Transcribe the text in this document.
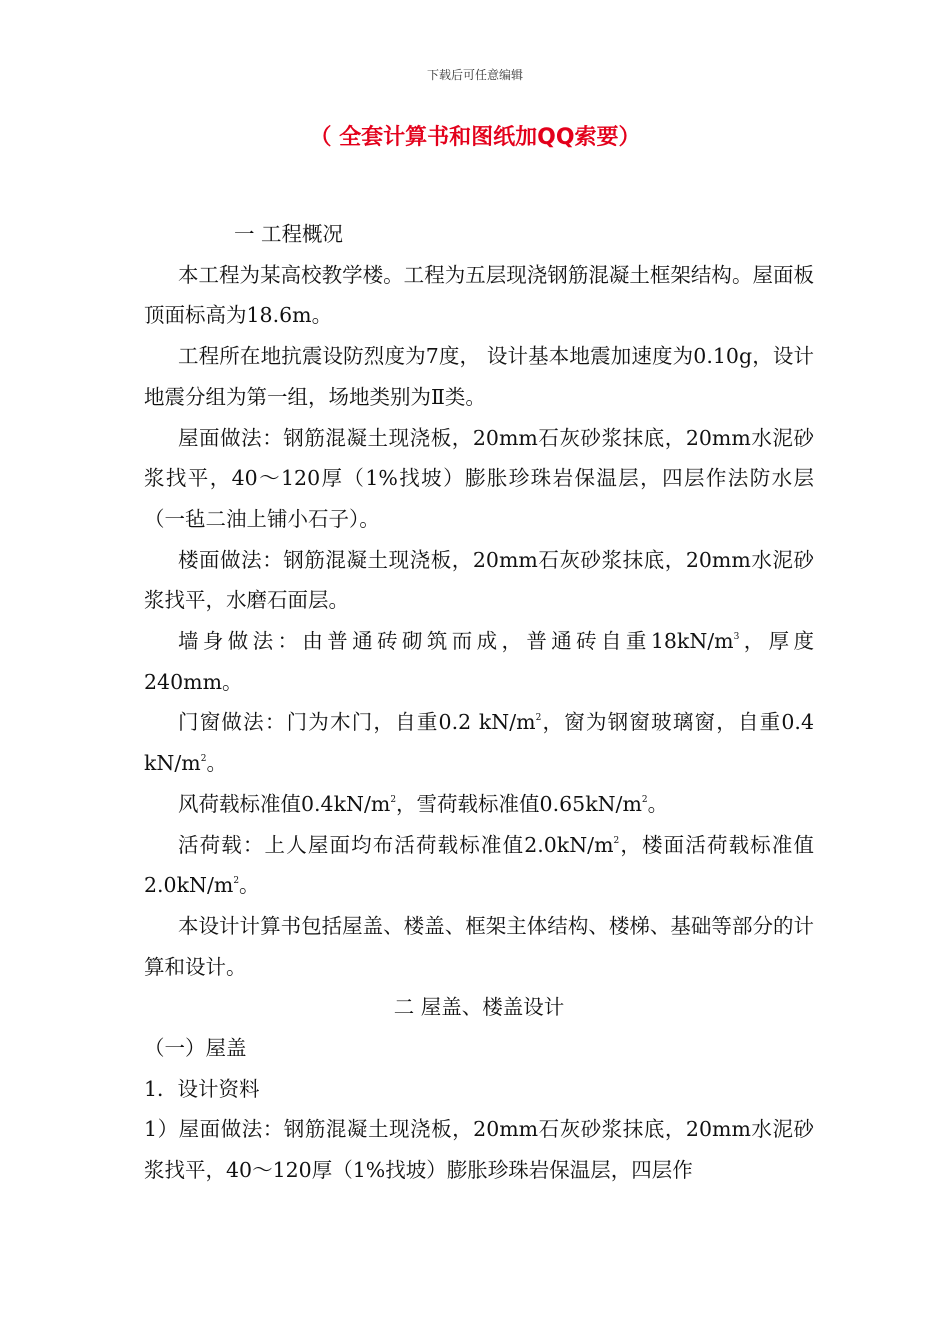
下载后可任意编辑
（ 全套计算书和图纸加QQ索要）

一 工程概况

本工程为某高校教学楼。工程为五层现浇钢筋混凝土框架结构。屋面板顶面标高为18.6m。

工程所在地抗震设防烈度为7度， 设计基本地震加速度为0.10g，设计地震分组为第一组，场地类别为Ⅱ类。

屋面做法：钢筋混凝土现浇板，20mm石灰砂浆抹底，20mm水泥砂浆找平，40～120厚（1%找坡）膨胀珍珠岩保温层，四层作法防水层（一毡二油上铺小石子）。

楼面做法：钢筋混凝土现浇板，20mm石灰砂浆抹底，20mm水泥砂浆找平，水磨石面层。

墙身做法：由普通砖砌筑而成，普通砖自重$18kN/m^3$，厚度240mm。

门窗做法：门为木门，自重0.2 $kN/m^2$，窗为钢窗玻璃窗，自重0.4 $kN/m^2$。

风荷载标准值$0.4kN/m^2$，雪荷载标准值$0.65kN/m^2$。

活荷载：上人屋面均布活荷载标准值$2.0kN/m^2$，楼面活荷载标准值$2.0kN/m^2$。

本设计计算书包括屋盖、楼盖、框架主体结构、楼梯、基础等部分的计算和设计。

二 屋盖、楼盖设计

（一）屋盖

1．设计资料

1）屋面做法：钢筋混凝土现浇板，20mm石灰砂浆抹底，20mm水泥砂浆找平，40～120厚（1%找坡）膨胀珍珠岩保温层，四层作
